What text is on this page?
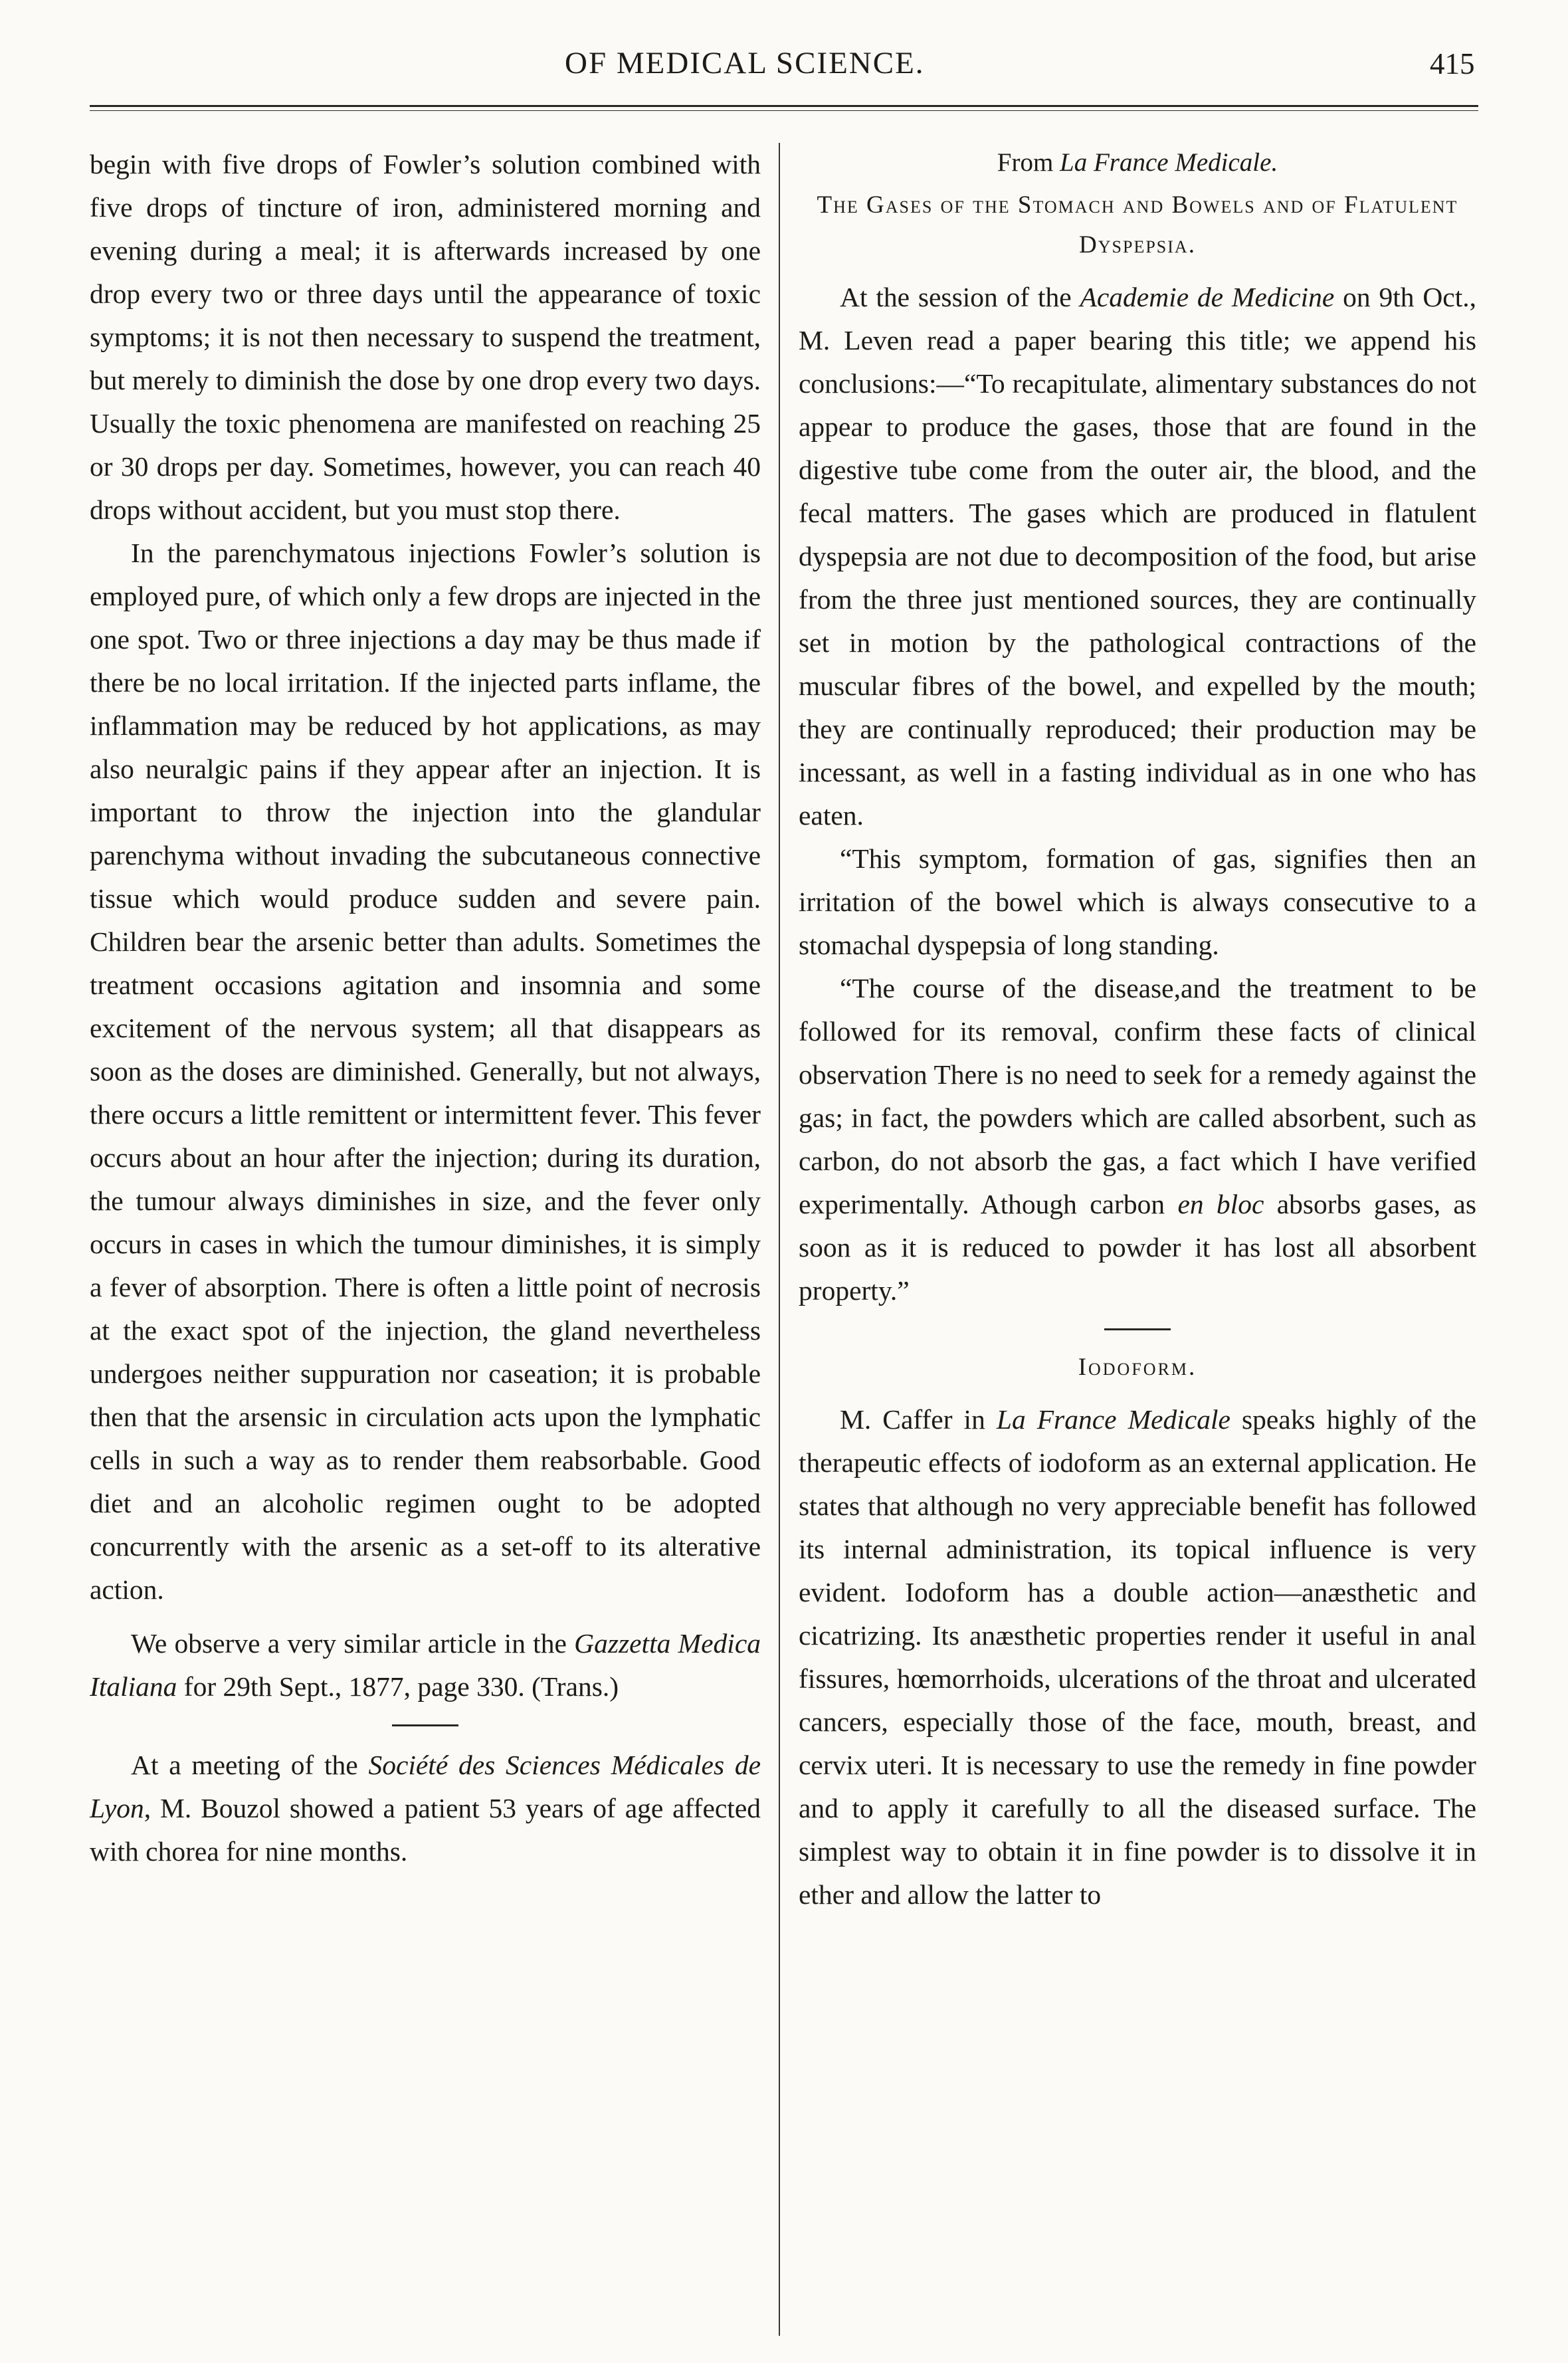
OF MEDICAL SCIENCE.	415

begin with five drops of Fowler’s solution combined with five drops of tincture of iron, administered morning and evening during a meal; it is afterwards increased by one drop every two or three days until the appearance of toxic symptoms; it is not then necessary to suspend the treatment, but merely to diminish the dose by one drop every two days. Usually the toxic phenomena are manifested on reaching 25 or 30 drops per day. Sometimes, however, you can reach 40 drops without accident, but you must stop there.

In the parenchymatous injections Fowler’s solution is employed pure, of which only a few drops are injected in the one spot. Two or three injections a day may be thus made if there be no local irritation. If the injected parts inflame, the inflammation may be reduced by hot applications, as may also neuralgic pains if they appear after an injection. It is important to throw the injection into the glandular parenchyma without invading the subcutaneous connective tissue which would produce sudden and severe pain. Children bear the arsenic better than adults. Sometimes the treatment occasions agitation and insomnia and some excitement of the nervous system; all that disappears as soon as the doses are diminished. Generally, but not always, there occurs a little remittent or intermittent fever. This fever occurs about an hour after the injection; during its duration, the tumour always diminishes in size, and the fever only occurs in cases in which the tumour diminishes, it is simply a fever of absorption. There is often a little point of necrosis at the exact spot of the injection, the gland nevertheless undergoes neither suppuration nor caseation; it is probable then that the arsensic in circulation acts upon the lymphatic cells in such a way as to render them reabsorbable. Good diet and an alcoholic regimen ought to be adopted concurrently with the arsenic as a set-off to its alterative action.

We observe a very similar article in the Gazzetta Medica Italiana for 29th Sept., 1877, page 330. (Trans.)

At a meeting of the Société des Sciences Médicales de Lyon, M. Bouzol showed a patient 53 years of age affected with chorea for nine months.

From La France Medicale.

The Gases of the Stomach and Bowels and of Flatulent Dyspepsia.

At the session of the Academie de Medicine on 9th Oct., M. Leven read a paper bearing this title; we append his conclusions:—“To recapitulate, alimentary substances do not appear to produce the gases, those that are found in the digestive tube come from the outer air, the blood, and the fecal matters. The gases which are produced in flatulent dyspepsia are not due to decomposition of the food, but arise from the three just mentioned sources, they are continually set in motion by the pathological contractions of the muscular fibres of the bowel, and expelled by the mouth; they are continually reproduced; their production may be incessant, as well in a fasting individual as in one who has eaten.

“This symptom, formation of gas, signifies then an irritation of the bowel which is always consecutive to a stomachal dyspepsia of long standing.

“The course of the disease,and the treatment to be followed for its removal, confirm these facts of clinical observation There is no need to seek for a remedy against the gas; in fact, the powders which are called absorbent, such as carbon, do not absorb the gas, a fact which I have verified experimentally. Athough carbon en bloc absorbs gases, as soon as it is reduced to powder it has lost all absorbent property.”

Iodoform.

M. Caffer in La France Medicale speaks highly of the therapeutic effects of iodoform as an external application. He states that although no very appreciable benefit has followed its internal administration, its topical influence is very evident. Iodoform has a double action—anæsthetic and cicatrizing. Its anæsthetic properties render it useful in anal fissures, hœmorrhoids, ulcerations of the throat and ulcerated cancers, especially those of the face, mouth, breast, and cervix uteri. It is necessary to use the remedy in fine powder and to apply it carefully to all the diseased surface. The simplest way to obtain it in fine powder is to dissolve it in ether and allow the latter to
